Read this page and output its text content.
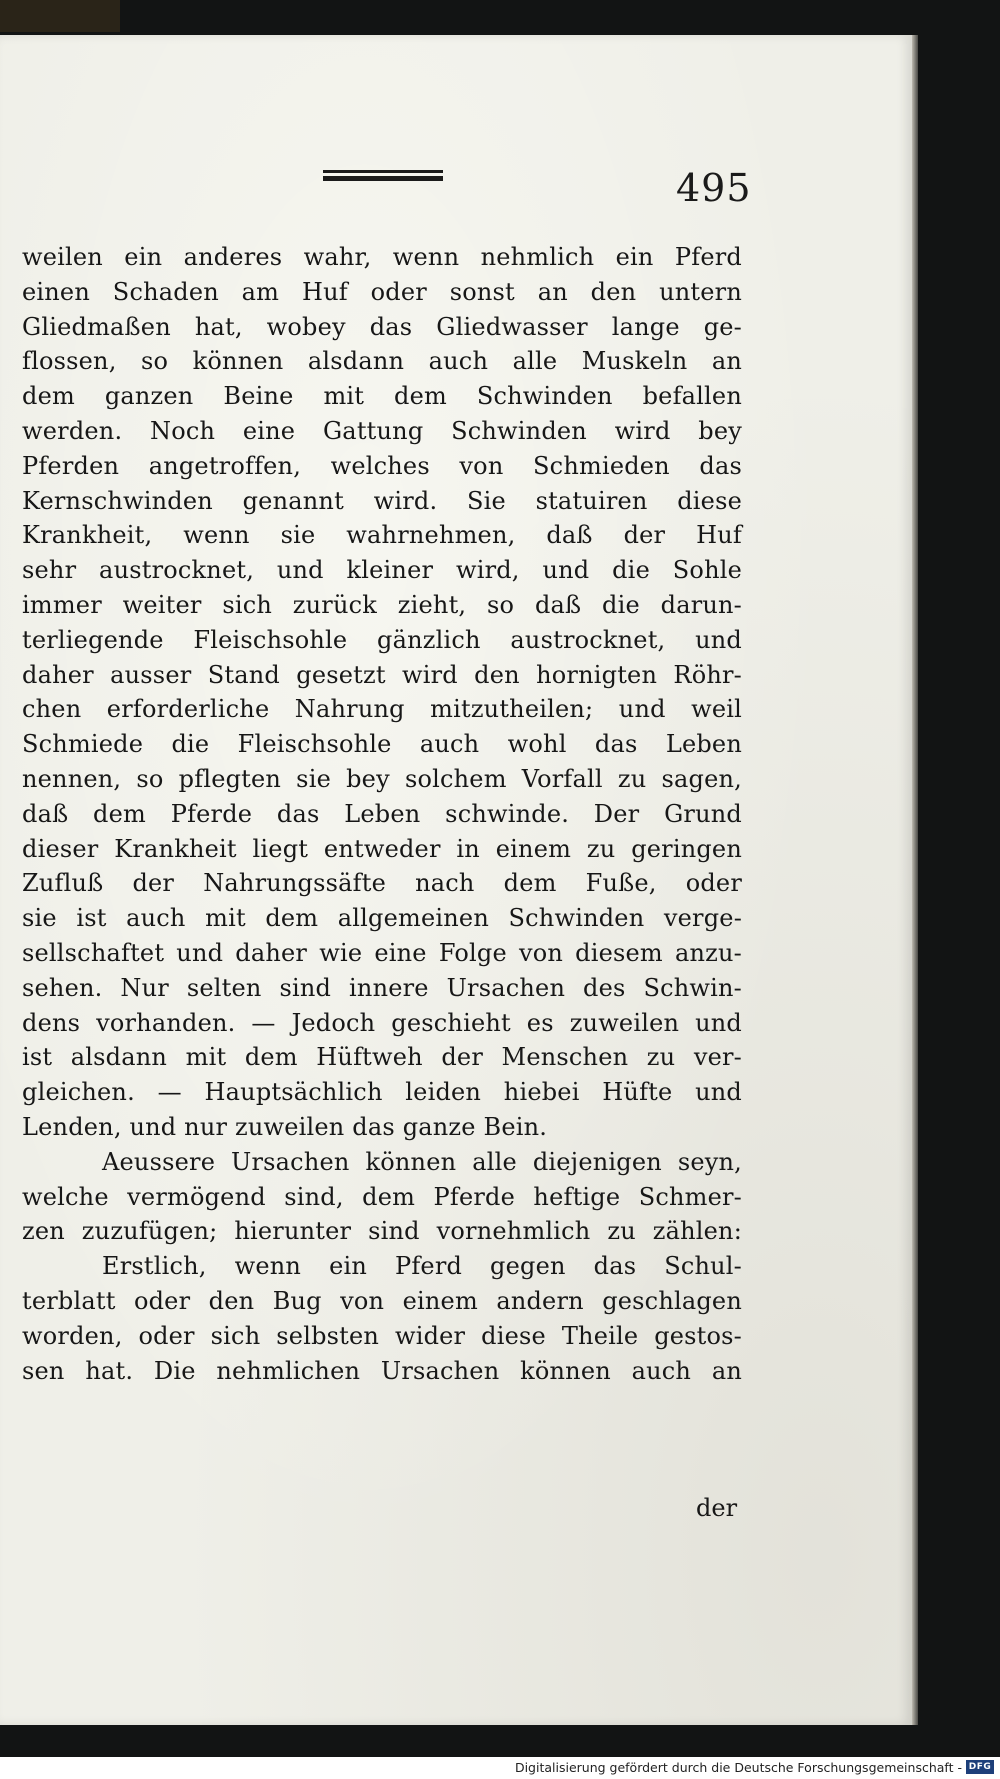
495
weilen ein anderes wahr, wenn nehmlich ein Pferd
einen Schaden am Huf oder sonst an den untern
Gliedmaßen hat, wobey das Gliedwasser lange ge-
flossen, so können alsdann auch alle Muskeln an
dem ganzen Beine mit dem Schwinden befallen
werden. Noch eine Gattung Schwinden wird bey
Pferden angetroffen, welches von Schmieden das
Kernschwinden genannt wird. Sie statuiren diese
Krankheit, wenn sie wahrnehmen, daß der Huf
sehr austrocknet, und kleiner wird, und die Sohle
immer weiter sich zurück zieht, so daß die darun-
terliegende Fleischsohle gänzlich austrocknet, und
daher ausser Stand gesetzt wird den hornigten Röhr-
chen erforderliche Nahrung mitzutheilen; und weil
Schmiede die Fleischsohle auch wohl das Leben
nennen, so pflegten sie bey solchem Vorfall zu sagen,
daß dem Pferde das Leben schwinde. Der Grund
dieser Krankheit liegt entweder in einem zu geringen
Zufluß der Nahrungssäfte nach dem Fuße, oder
sie ist auch mit dem allgemeinen Schwinden verge-
sellschaftet und daher wie eine Folge von diesem anzu-
sehen. Nur selten sind innere Ursachen des Schwin-
dens vorhanden. — Jedoch geschieht es zuweilen und
ist alsdann mit dem Hüftweh der Menschen zu ver-
gleichen. — Hauptsächlich leiden hiebei Hüfte und
Lenden, und nur zuweilen das ganze Bein.
Aeussere Ursachen können alle diejenigen seyn,
welche vermögend sind, dem Pferde heftige Schmer-
zen zuzufügen; hierunter sind vornehmlich zu zählen:
Erstlich, wenn ein Pferd gegen das Schul-
terblatt oder den Bug von einem andern geschlagen
worden, oder sich selbsten wider diese Theile gestos-
sen hat. Die nehmlichen Ursachen können auch an
der
Digitalisierung gefördert durch die Deutsche Forschungsgemeinschaft - DFG
